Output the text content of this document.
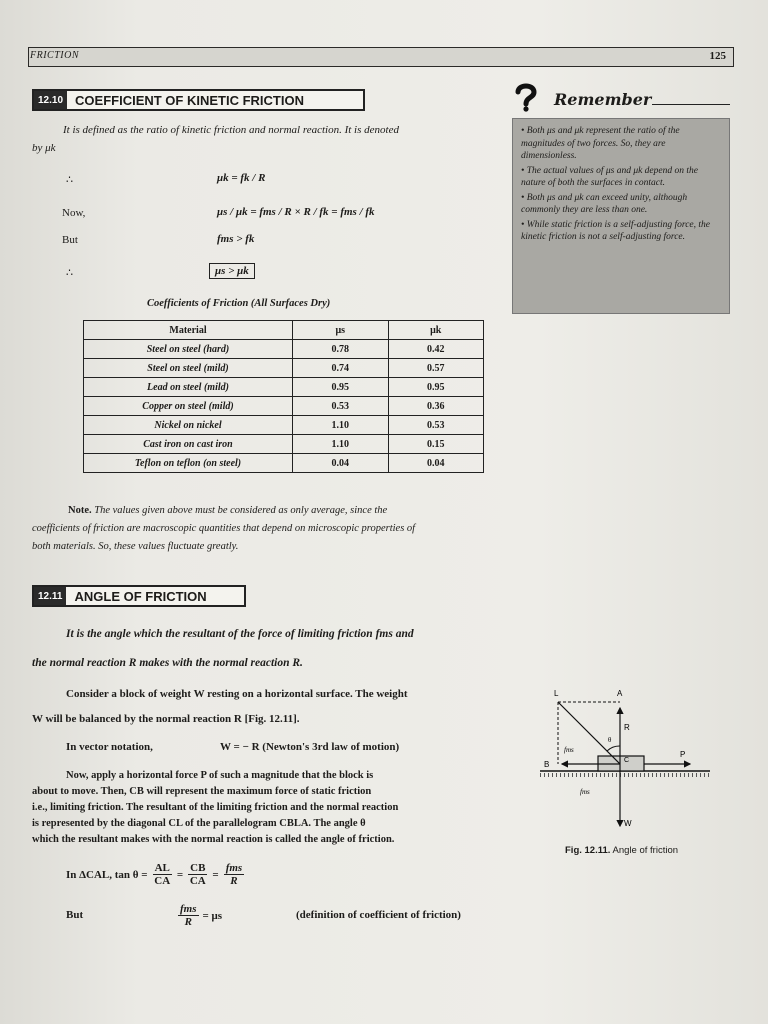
FRICTION	125
12.10 COEFFICIENT OF KINETIC FRICTION
It is defined as the ratio of kinetic friction and normal reaction. It is denoted
by μk
∴	μk = fk / R
Now,	μs / μk = fms / R × R / fk = fms / fk
But	fms > fk
∴	μs > μk
Coefficients of Friction (All Surfaces Dry)
Material	μs	μk
Steel on steel (hard)	0.78	0.42
Steel on steel (mild)	0.74	0.57
Lead on steel (mild)	0.95	0.95
Copper on steel (mild)	0.53	0.36
Nickel on nickel	1.10	0.53
Cast iron on cast iron	1.10	0.15
Teflon on teflon (on steel)	0.04	0.04
Note. The values given above must be considered as only average, since the
coefficients of friction are macroscopic quantities that depend on microscopic properties of
both materials. So, these values fluctuate greatly.
Remember
• Both μs and μk represent the ratio of the magnitudes of two forces. So, they are dimensionless.
• The actual values of μs and μk depend on the nature of both the surfaces in contact.
• Both μs and μk can exceed unity, although commonly they are less than one.
• While static friction is a self-adjusting force, the kinetic friction is not a self-adjusting force.
12.11 ANGLE OF FRICTION
It is the angle which the resultant of the force of limiting friction fms and
the normal reaction R makes with the normal reaction R.
Consider a block of weight W resting on a horizontal surface. The weight
W will be balanced by the normal reaction R [Fig. 12.11].
In vector notation,	W = − R (Newton's 3rd law of motion)
Now, apply a horizontal force P of such a magnitude that the block is
about to move. Then, CB will represent the maximum force of static friction
i.e., limiting friction. The resultant of the limiting friction and the normal reaction
is represented by the diagonal CL of the parallelogram CBLA. The angle θ
which the resultant makes with the normal reaction is called the angle of friction.
In ΔCAL, $\tan \theta = \frac{AL}{CA} = \frac{CB}{CA} = \frac{\text{fms}}{R}$
But	$\frac{\text{fms}}{R} = \mu s$	(definition of coefficient of friction)
L	A
R
B	C
P
W
fms
fms
θ
Fig. 12.11. Angle of friction
